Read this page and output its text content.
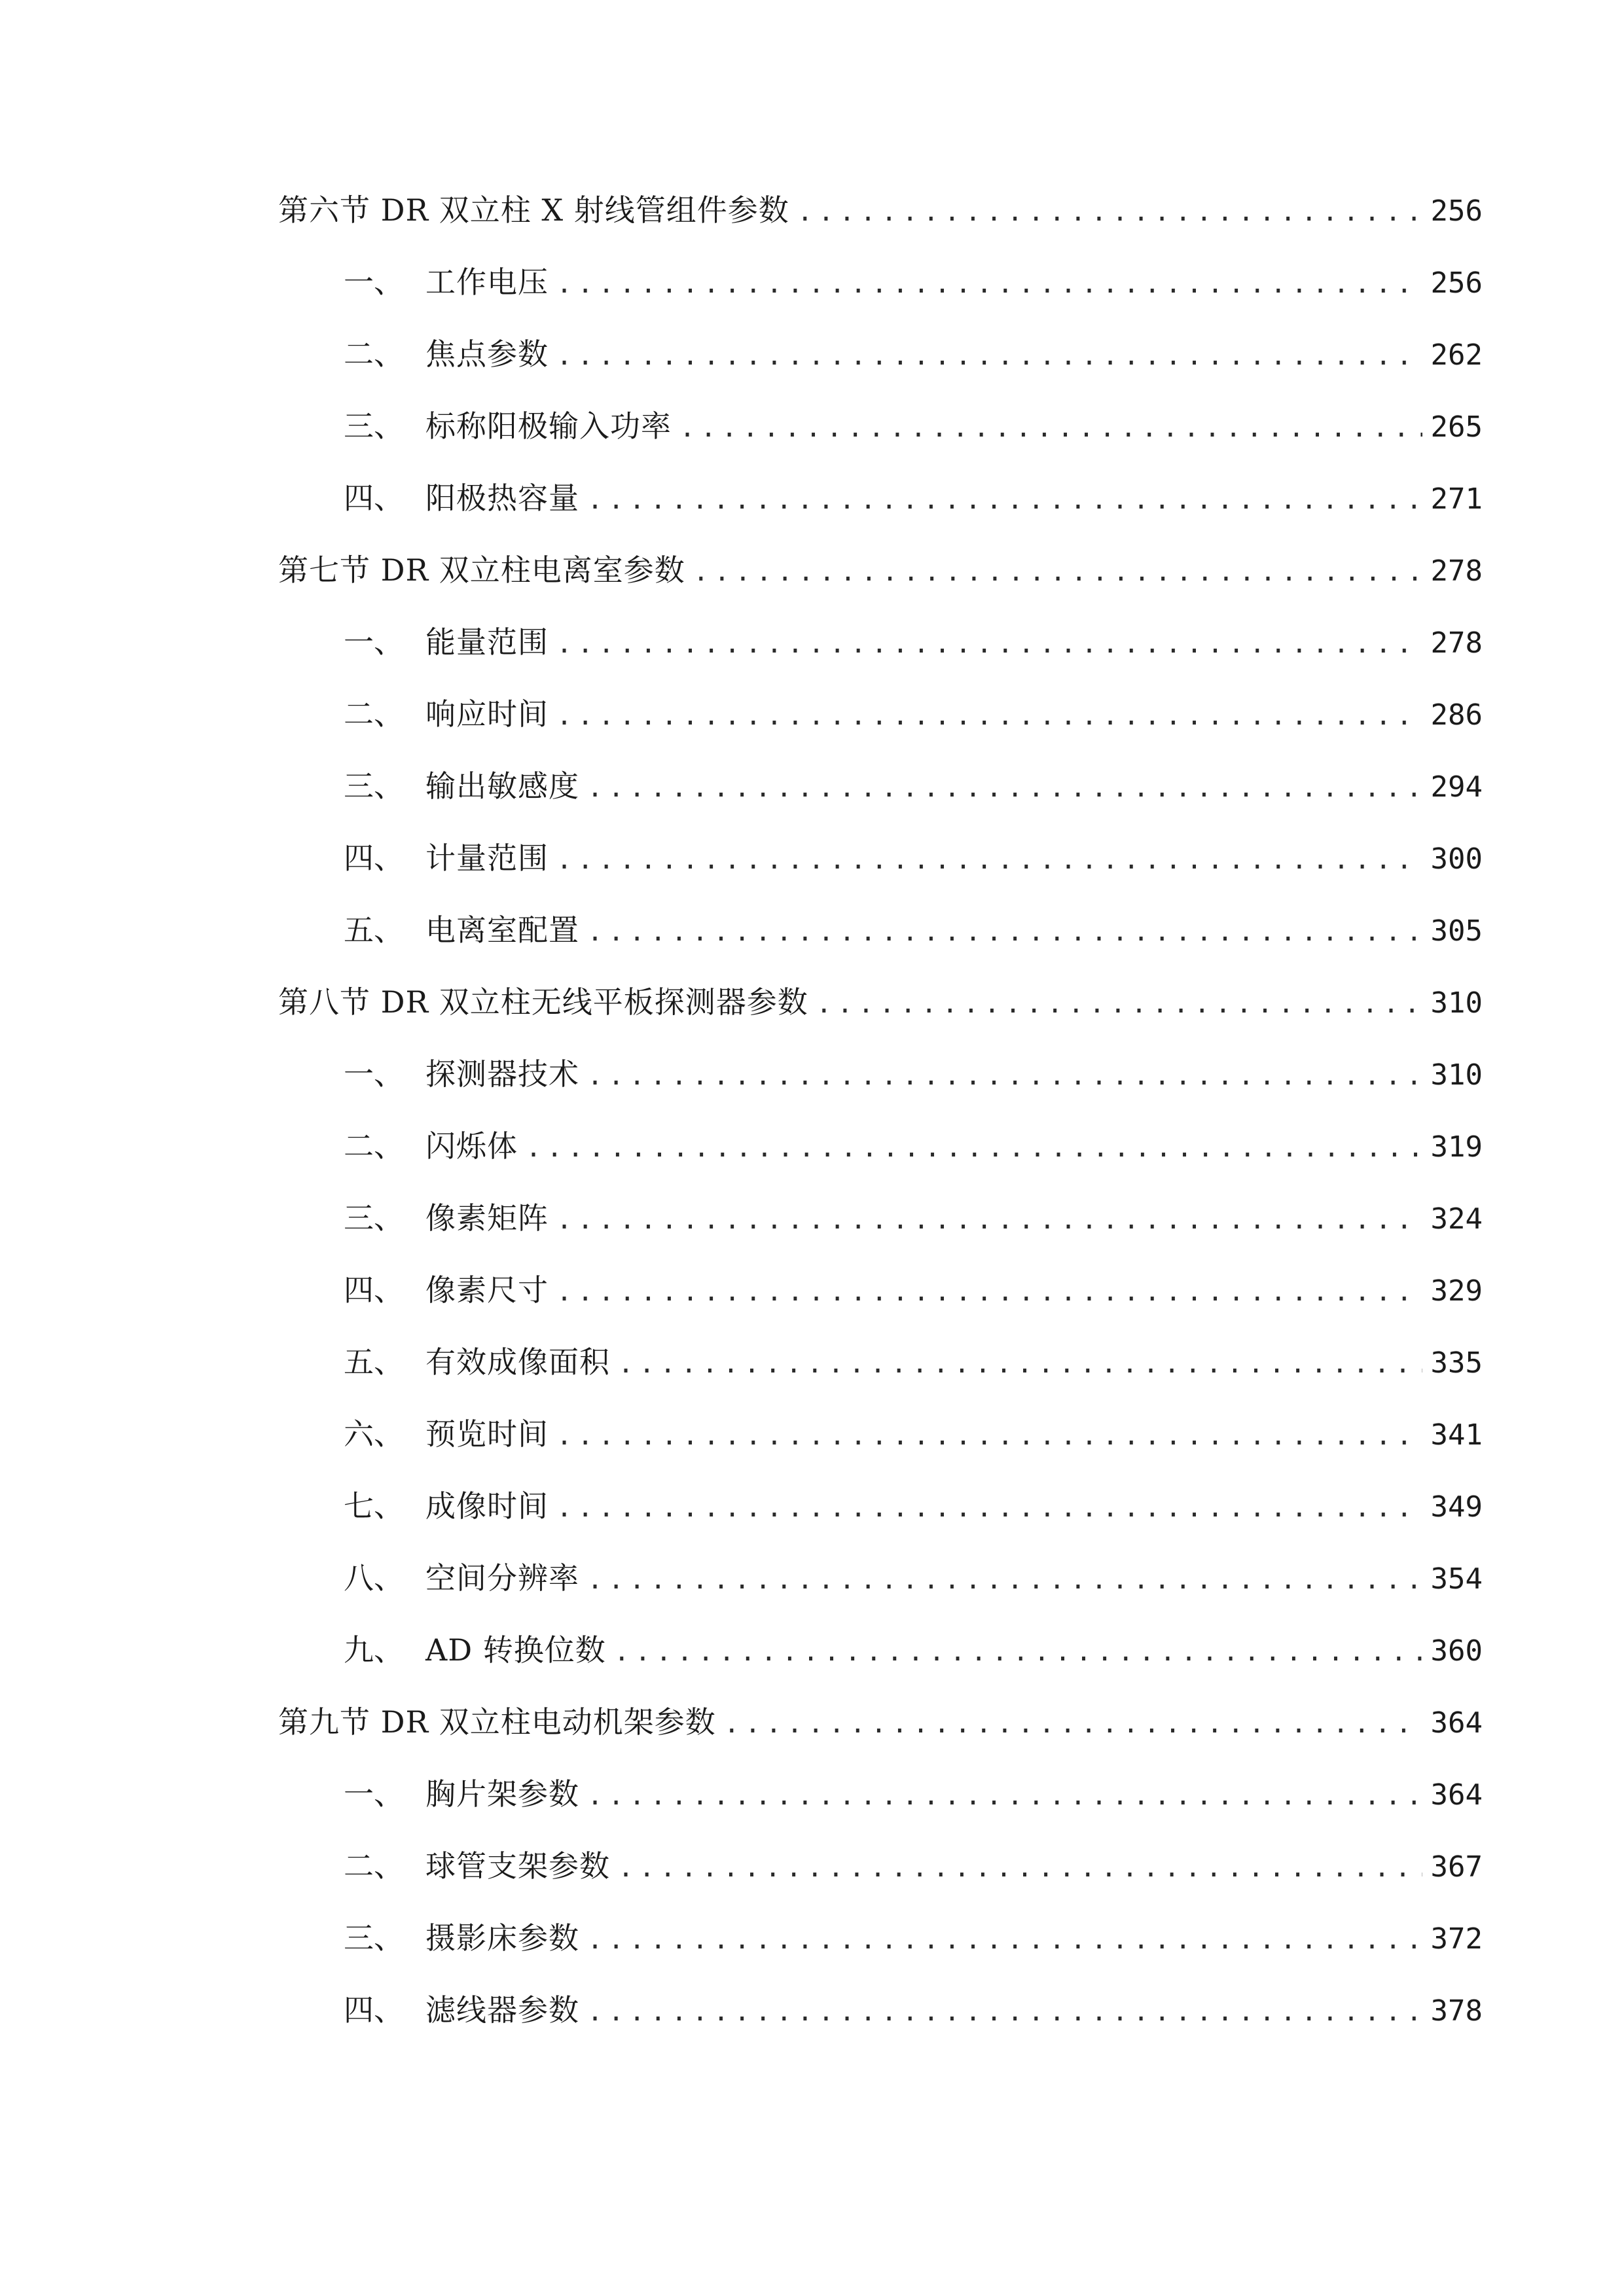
第六节 DR 双立柱 X 射线管组件参数 .....	256
一、 工作电压 .....	256
二、 焦点参数 .....	262
三、 标称阳极输入功率 .....	265
四、 阳极热容量 .....	271
第七节 DR 双立柱电离室参数 .....	278
一、 能量范围 .....	278
二、 响应时间 .....	286
三、 输出敏感度 .....	294
四、 计量范围 .....	300
五、 电离室配置 .....	305
第八节 DR 双立柱无线平板探测器参数 .....	310
一、 探测器技术 .....	310
二、 闪烁体 .....	319
三、 像素矩阵 .....	324
四、 像素尺寸 .....	329
五、 有效成像面积 .....	335
六、 预览时间 .....	341
七、 成像时间 .....	349
八、 空间分辨率 .....	354
九、 AD 转换位数 .....	360
第九节 DR 双立柱电动机架参数 .....	364
一、 胸片架参数 .....	364
二、 球管支架参数 .....	367
三、 摄影床参数 .....	372
四、 滤线器参数 .....	378
